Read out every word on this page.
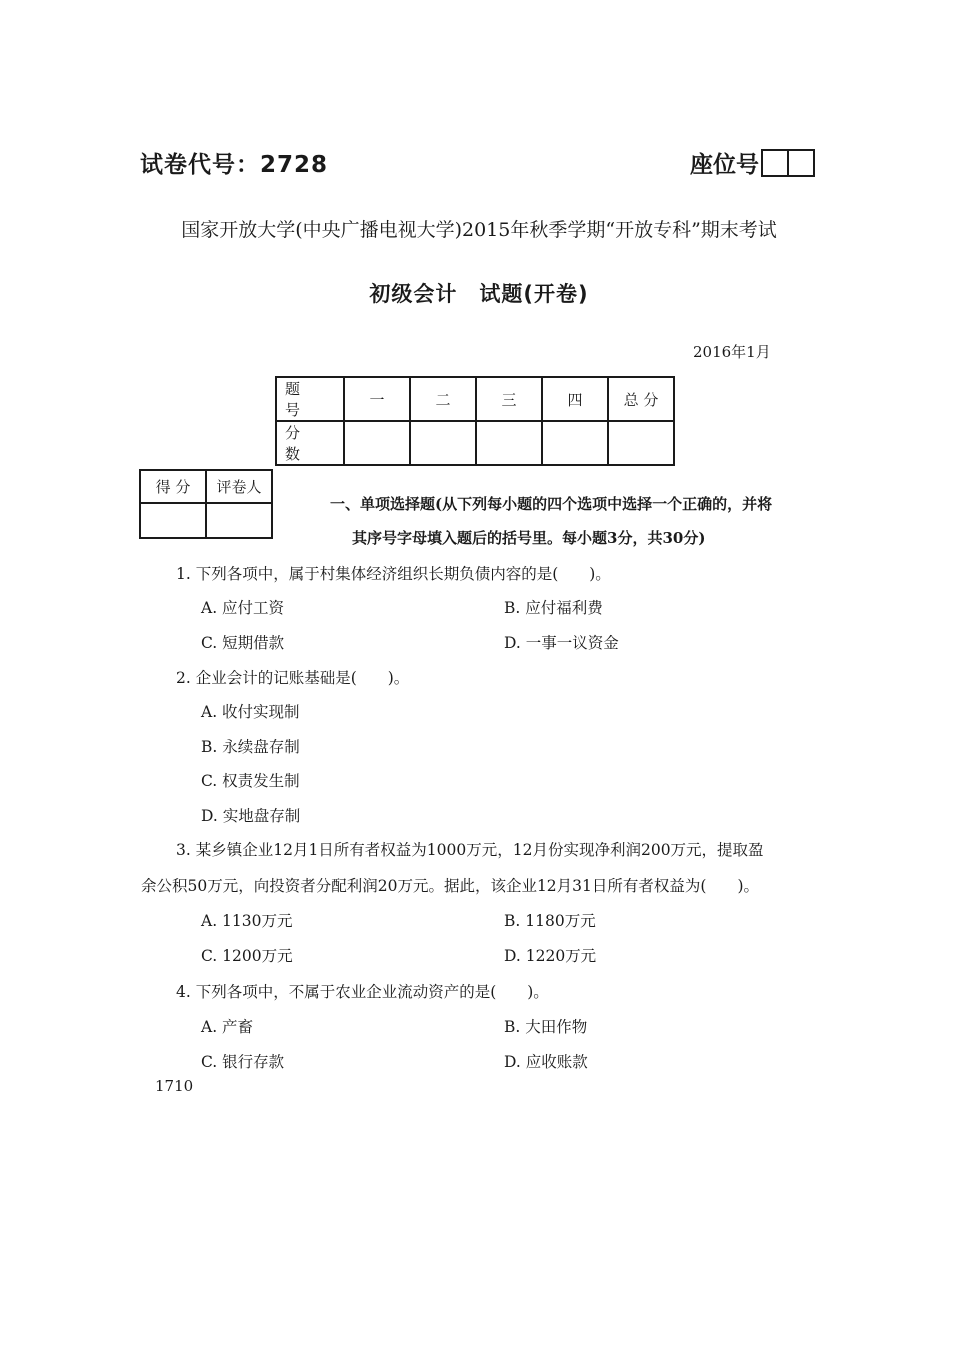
试卷代号：2728	座位号
国家开放大学(中央广播电视大学)2015年秋季学期“开放专科”期末考试
初级会计　试题(开卷)
2016年1月
题 号	一	二	三	四	总 分
分 数					
得 分	评卷人

一、单项选择题(从下列每小题的四个选项中选择一个正确的，并将
其序号字母填入题后的括号里。每小题3分，共30分)
1. 下列各项中，属于村集体经济组织长期负债内容的是(　　)。
A. 应付工资	B. 应付福利费
C. 短期借款	D. 一事一议资金
2. 企业会计的记账基础是(　　)。
A. 收付实现制
B. 永续盘存制
C. 权责发生制
D. 实地盘存制
3. 某乡镇企业12月1日所有者权益为1000万元，12月份实现净利润200万元，提取盈
余公积50万元，向投资者分配利润20万元。据此，该企业12月31日所有者权益为(　　)。
A. 1130万元	B. 1180万元
C. 1200万元	D. 1220万元
4. 下列各项中，不属于农业企业流动资产的是(　　)。
A. 产畜	B. 大田作物
C. 银行存款	D. 应收账款
1710
